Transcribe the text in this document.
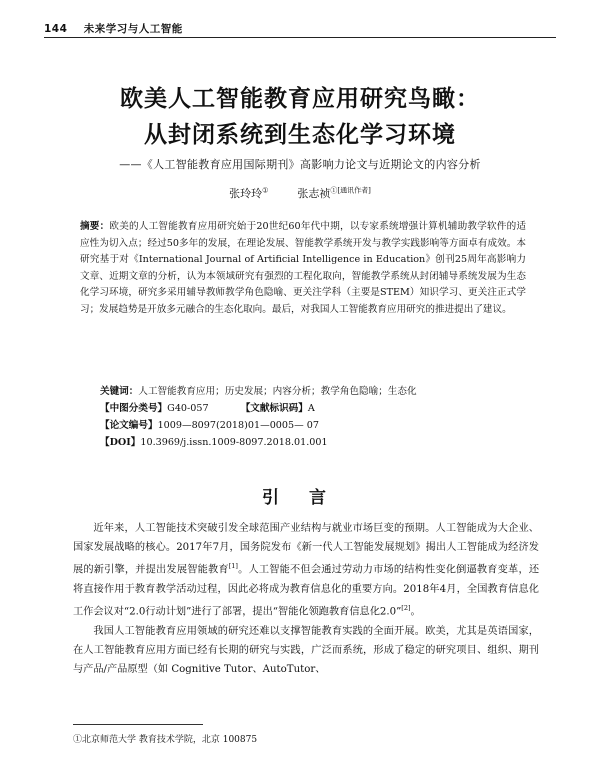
144 未来学习与人工智能
欧美人工智能教育应用研究鸟瞰：
从封闭系统到生态化学习环境
——《人工智能教育应用国际期刊》高影响力论文与近期论文的内容分析
张玲玲①	张志祯$^{①[通讯作者]}$
摘要：欧美的人工智能教育应用研究始于20世纪60年代中期，以专家系统增强计算机辅助教学软件的适应性为切入点；经过50多年的发展，在理论发展、智能教学系统开发与教学实践影响等方面卓有成效。本研究基于对《International Journal of Artificial Intelligence in Education》创刊25周年高影响力文章、近期文章的分析，认为本领域研究有强烈的工程化取向，智能教学系统从封闭辅导系统发展为生态化学习环境，研究多采用辅导教师教学角色隐喻、更关注学科（主要是STEM）知识学习、更关注正式学习；发展趋势是开放多元融合的生态化取向。最后，对我国人工智能教育应用研究的推进提出了建议。
关键词：人工智能教育应用；历史发展；内容分析；教学角色隐喻；生态化
【中图分类号】G40-057	【文献标识码】A
【论文编号】1009—8097(2018)01—0005— 07
【DOI】10.3969/j.issn.1009-8097.2018.01.001
引 言

近年来，人工智能技术突破引发全球范围产业结构与就业市场巨变的预期。人工智能成为大企业、国家发展战略的核心。2017年7月，国务院发布《新一代人工智能发展规划》揭出人工智能成为经济发展的新引擎，并提出发展智能教育[1]。人工智能不但会通过劳动力市场的结构性变化倒逼教育变革，还将直接作用于教育教学活动过程，因此必将成为教育信息化的重要方向。2018年4月，全国教育信息化工作会议对“2.0行动计划”进行了部署，提出“智能化领跑教育信息化2.0”[2]。

我国人工智能教育应用领域的研究还难以支撑智能教育实践的全面开展。欧美，尤其是英语国家，在人工智能教育应用方面已经有长期的研究与实践，广泛而系统，形成了稳定的研究项目、组织、期刊与产品/产品原型（如 Cognitive Tutor、AutoTutor、

①北京师范大学 教育技术学院，北京 100875
